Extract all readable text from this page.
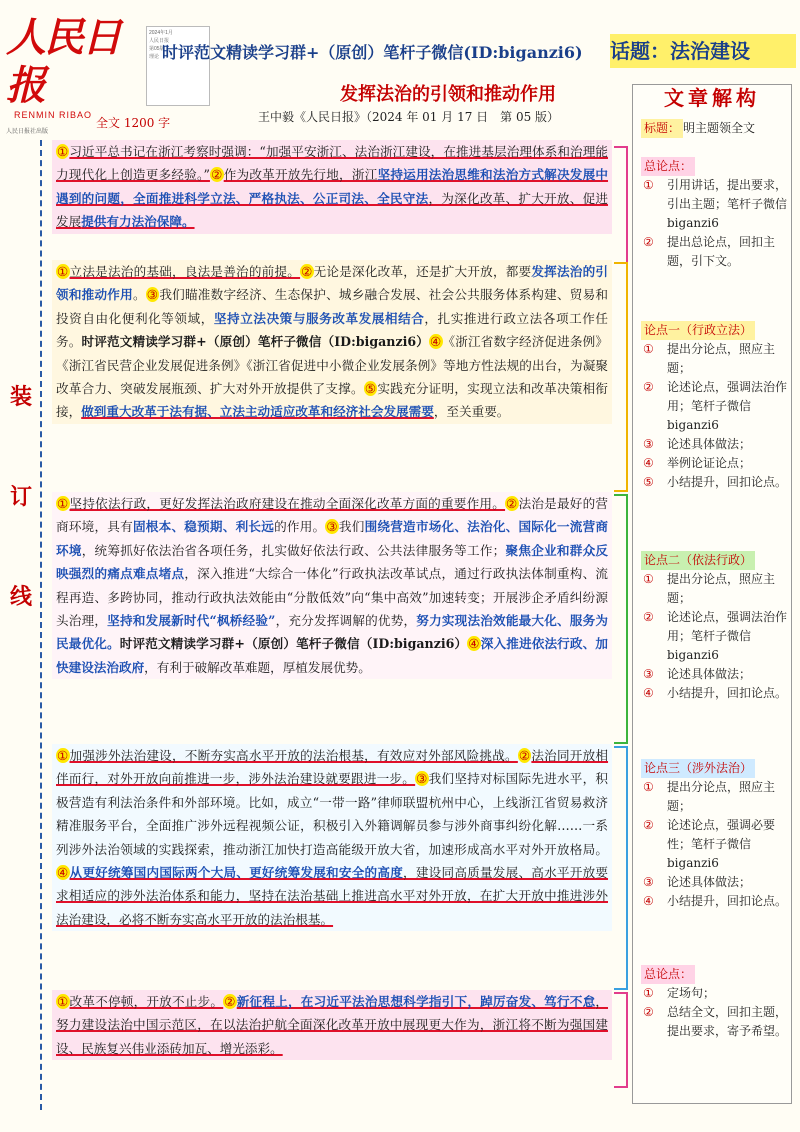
人民日报
RENMIN RIBAO
人民日报社出版
2024年1月
人民日报
第05版
理论 时评范文精读学习群+（原创）笔杆子微信(ID:biganzi6) 话题：法治建设
发挥法治的引领和推动作用
全文 1200 字	王中毅《人民日报》（2024 年 01 月 17 日　第 05 版）
装
订
线
①习近平总书记在浙江考察时强调：“加强平安浙江、法治浙江建设，在推进基层治理体系和治理能力现代化上创造更多经验。”②作为改革开放先行地，浙江坚持运用法治思维和法治方式解决发展中遇到的问题，全面推进科学立法、严格执法、公正司法、全民守法，为深化改革、扩大开放、促进发展提供有力法治保障。
①立法是法治的基础，良法是善治的前提。②无论是深化改革，还是扩大开放，都要发挥法治的引领和推动作用。③我们瞄准数字经济、生态保护、城乡融合发展、社会公共服务体系构建、贸易和投资自由化便利化等领域，坚持立法决策与服务改革发展相结合，扎实推进行政立法各项工作任务。时评范文精读学习群+（原创）笔杆子微信（ID:biganzi6）④《浙江省数字经济促进条例》《浙江省民营企业发展促进条例》《浙江省促进中小微企业发展条例》等地方性法规的出台，为凝聚改革合力、突破发展瓶颈、扩大对外开放提供了支撑。⑤实践充分证明，实现立法和改革决策相衔接，做到重大改革于法有据、立法主动适应改革和经济社会发展需要，至关重要。
①坚持依法行政，更好发挥法治政府建设在推动全面深化改革方面的重要作用。②法治是最好的营商环境，具有固根本、稳预期、利长远的作用。③我们围绕营造市场化、法治化、国际化一流营商环境，统筹抓好依法治省各项任务，扎实做好依法行政、公共法律服务等工作；聚焦企业和群众反映强烈的痛点难点堵点，深入推进“大综合一体化”行政执法改革试点，通过行政执法体制重构、流程再造、多跨协同，推动行政执法效能由“分散低效”向“集中高效”加速转变；开展涉企矛盾纠纷源头治理，坚持和发展新时代“枫桥经验”，充分发挥调解的优势，努力实现法治效能最大化、服务为民最优化。时评范文精读学习群+（原创）笔杆子微信（ID:biganzi6）④深入推进依法行政、加快建设法治政府，有利于破解改革难题，厚植发展优势。
①加强涉外法治建设，不断夯实高水平开放的法治根基，有效应对外部风险挑战。②法治同开放相伴而行，对外开放向前推进一步，涉外法治建设就要跟进一步。③我们坚持对标国际先进水平，积极营造有利法治条件和外部环境。比如，成立“一带一路”律师联盟杭州中心，上线浙江省贸易救济精准服务平台，全面推广涉外远程视频公证，积极引入外籍调解员参与涉外商事纠纷化解……一系列涉外法治领域的实践探索，推动浙江加快打造高能级开放大省，加速形成高水平对外开放格局。④从更好统筹国内国际两个大局、更好统筹发展和安全的高度，建设同高质量发展、高水平开放要求相适应的涉外法治体系和能力，坚持在法治基础上推进高水平对外开放，在扩大开放中推进涉外法治建设，必将不断夯实高水平开放的法治根基。
①改革不停顿，开放不止步。②新征程上，在习近平法治思想科学指引下，踔厉奋发、笃行不怠，努力建设法治中国示范区，在以法治护航全面深化改革开放中展现更大作为，浙江将不断为强国建设、民族复兴伟业添砖加瓦、增光添彩。
文章解构
标题： 明主题领全文
总论点：
① 引用讲话，提出要求，引出主题；笔杆子微信 biganzi6
② 提出总论点，回扣主题，引下文。
论点一（行政立法）
① 提出分论点，照应主题；
② 论述论点，强调法治作用；笔杆子微信 biganzi6
③ 论述具体做法；
④ 举例论证论点；
⑤ 小结提升，回扣论点。
论点二（依法行政）
① 提出分论点，照应主题；
② 论述论点，强调法治作用；笔杆子微信 biganzi6
③ 论述具体做法；
④ 小结提升，回扣论点。
论点三（涉外法治）
① 提出分论点，照应主题；
② 论述论点，强调必要性；笔杆子微信 biganzi6
③ 论述具体做法；
④ 小结提升，回扣论点。
总论点：
① 定场句；
② 总结全文，回扣主题，提出要求，寄予希望。
